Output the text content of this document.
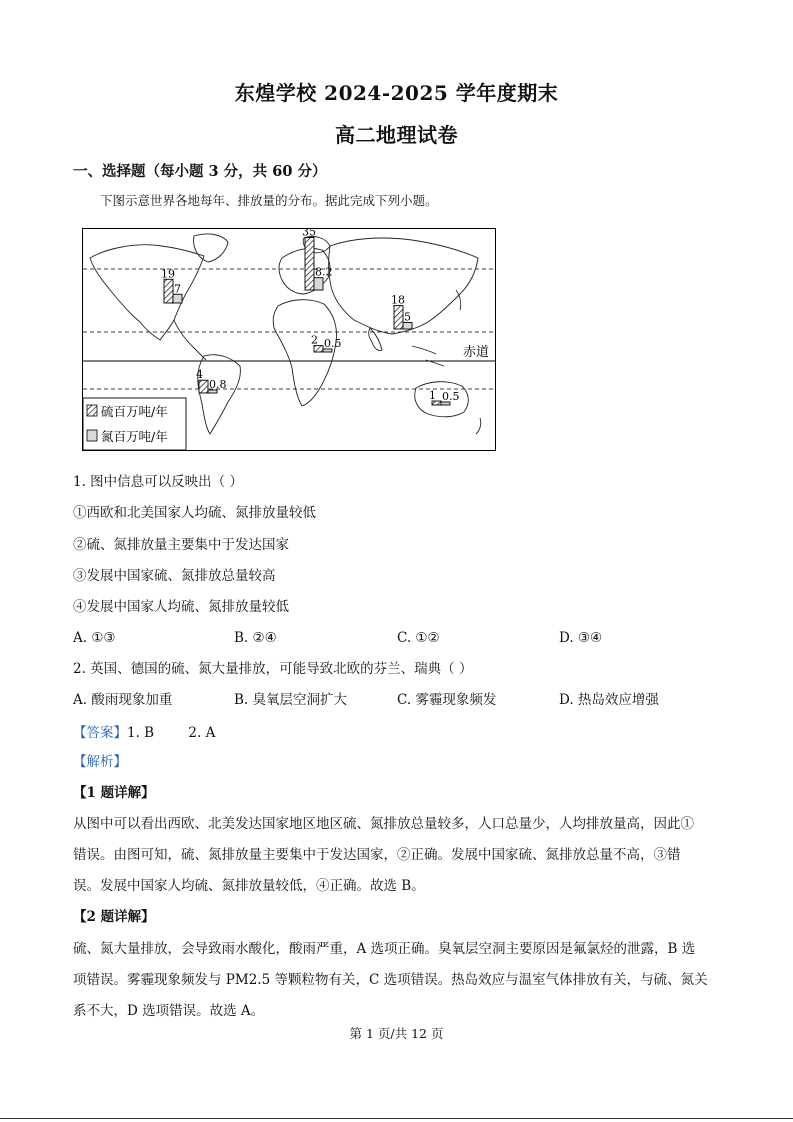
东煌学校 2024-2025 学年度期末
高二地理试卷
一、选择题（每小题 3 分，共 60 分）
下图示意世界各地每年、排放量的分布。据此完成下列小题。
19
7
35
8.2
18
5
2 0.5
4
0.8
1 0.5
赤道
硫百万吨/年
氮百万吨/年
1. 图中信息可以反映出（ ）
①西欧和北美国家人均硫、氮排放量较低
②硫、氮排放量主要集中于发达国家
③发展中国家硫、氮排放总量较高
④发展中国家人均硫、氮排放量较低
A. ①③	B. ②④	C. ①②	D. ③④
2. 英国、德国的硫、氮大量排放，可能导致北欧的芬兰、瑞典（ ）
A. 酸雨现象加重	B. 臭氧层空洞扩大	C. 雾霾现象频发	D. 热岛效应增强
【答案】1. B        2. A
【解析】
【1 题详解】
从图中可以看出西欧、北美发达国家地区地区硫、氮排放总量较多，人口总量少，人均排放量高，因此①
错误。由图可知，硫、氮排放量主要集中于发达国家，②正确。发展中国家硫、氮排放总量不高，③错
误。发展中国家人均硫、氮排放量较低，④正确。故选 B。
【2 题详解】
硫、氮大量排放，会导致雨水酸化，酸雨严重，A 选项正确。臭氧层空洞主要原因是氟氯烃的泄露，B 选
项错误。雾霾现象频发与 PM2.5 等颗粒物有关，C 选项错误。热岛效应与温室气体排放有关，与硫、氮关
系不大，D 选项错误。故选 A。
第 1 页/共 12 页
